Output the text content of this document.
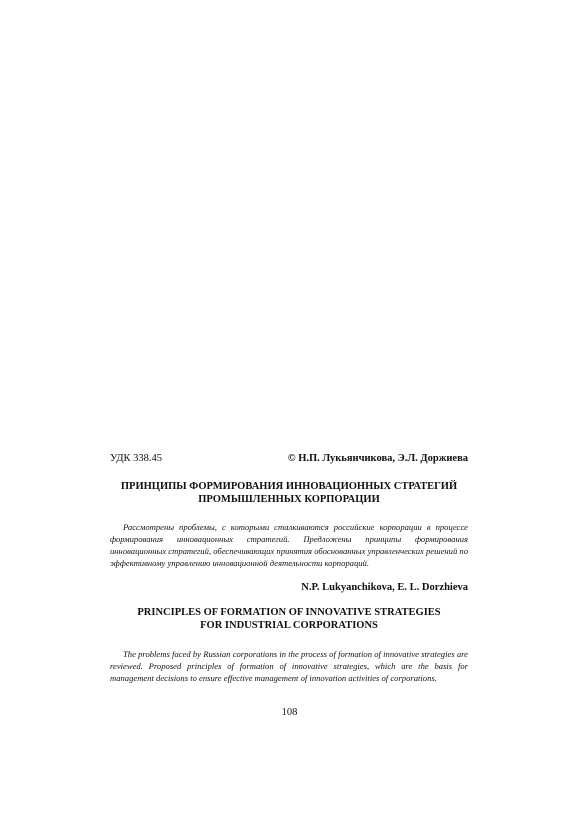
УДК 338.45	© Н.П. Лукьянчикова, Э.Л. Доржиева
ПРИНЦИПЫ ФОРМИРОВАНИЯ ИННОВАЦИОННЫХ СТРАТЕГИЙ
ПРОМЫШЛЕННЫХ КОРПОРАЦИИ
Рассмотрены проблемы, с которыми сталкиваются российские корпорации в процессе формирования инновационных стратегий. Предложены принципы формирования инновационных стратегий, обеспечивающих принятия обоснованных управленческих решений по эффективному управлению инновационной деятельности корпораций.
N.P. Lukyanchikova, E. L. Dorzhieva
PRINCIPLES OF FORMATION OF INNOVATIVE STRATEGIES
FOR INDUSTRIAL CORPORATIONS
The problems faced by Russian corporations in the process of formation of innovative strategies are reviewed. Proposed principles of formation of innovative strategies, which are the basis for management decisions to ensure effective management of innovation activities of corporations.
108
